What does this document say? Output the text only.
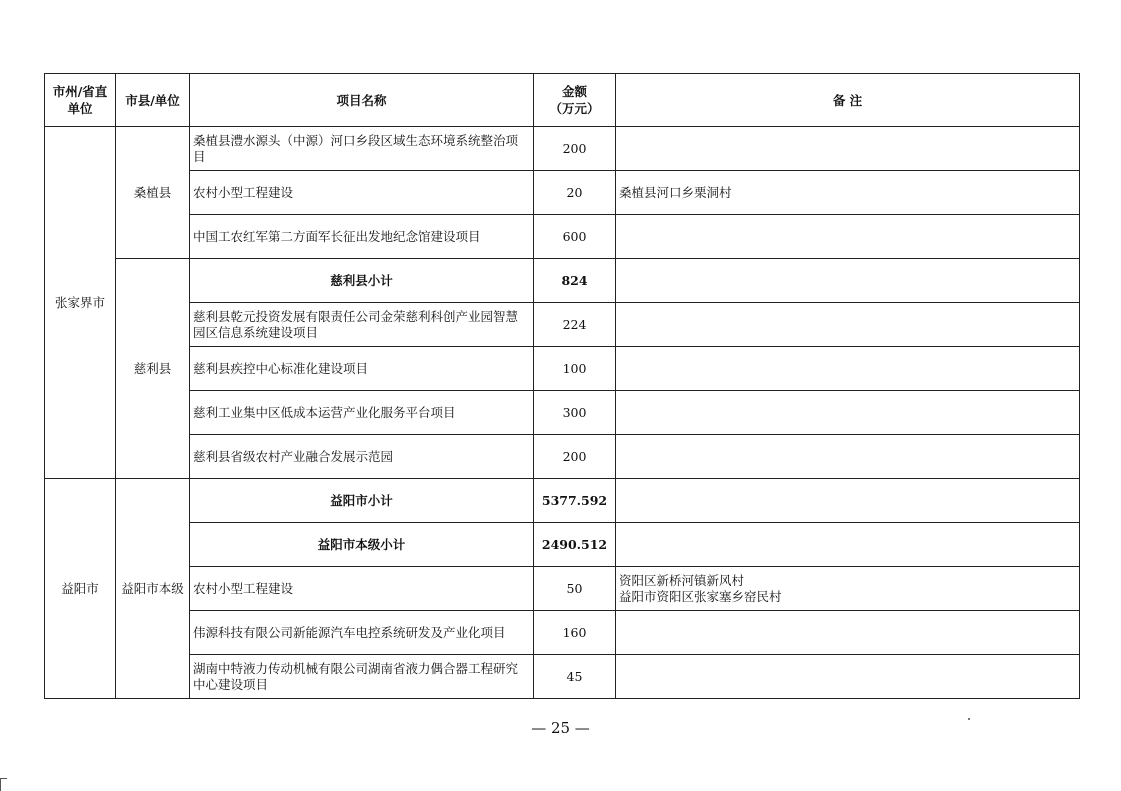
市州/省直
单位	市县/单位	项目名称	金额
（万元）	备 注
张家界市	桑植县	桑植县澧水源头（中源）河口乡段区域生态环境系统整治项目	200	
		农村小型工程建设	20	桑植县河口乡栗洞村
		中国工农红军第二方面军长征出发地纪念馆建设项目	600	
	慈利县	慈利县小计	824	
		慈利县乾元投资发展有限责任公司金荣慈利科创产业园智慧园区信息系统建设项目	224	
		慈利县疾控中心标准化建设项目	100	
		慈利工业集中区低成本运营产业化服务平台项目	300	
		慈利县省级农村产业融合发展示范园	200	
益阳市	益阳市本级	益阳市小计	5377.592	
		益阳市本级小计	2490.512	
		农村小型工程建设	50	资阳区新桥河镇新风村
益阳市资阳区张家塞乡窑民村
		伟源科技有限公司新能源汽车电控系统研发及产业化项目	160	
		湖南中特液力传动机械有限公司湖南省液力偶合器工程研究中心建设项目	45	
— 25 —
